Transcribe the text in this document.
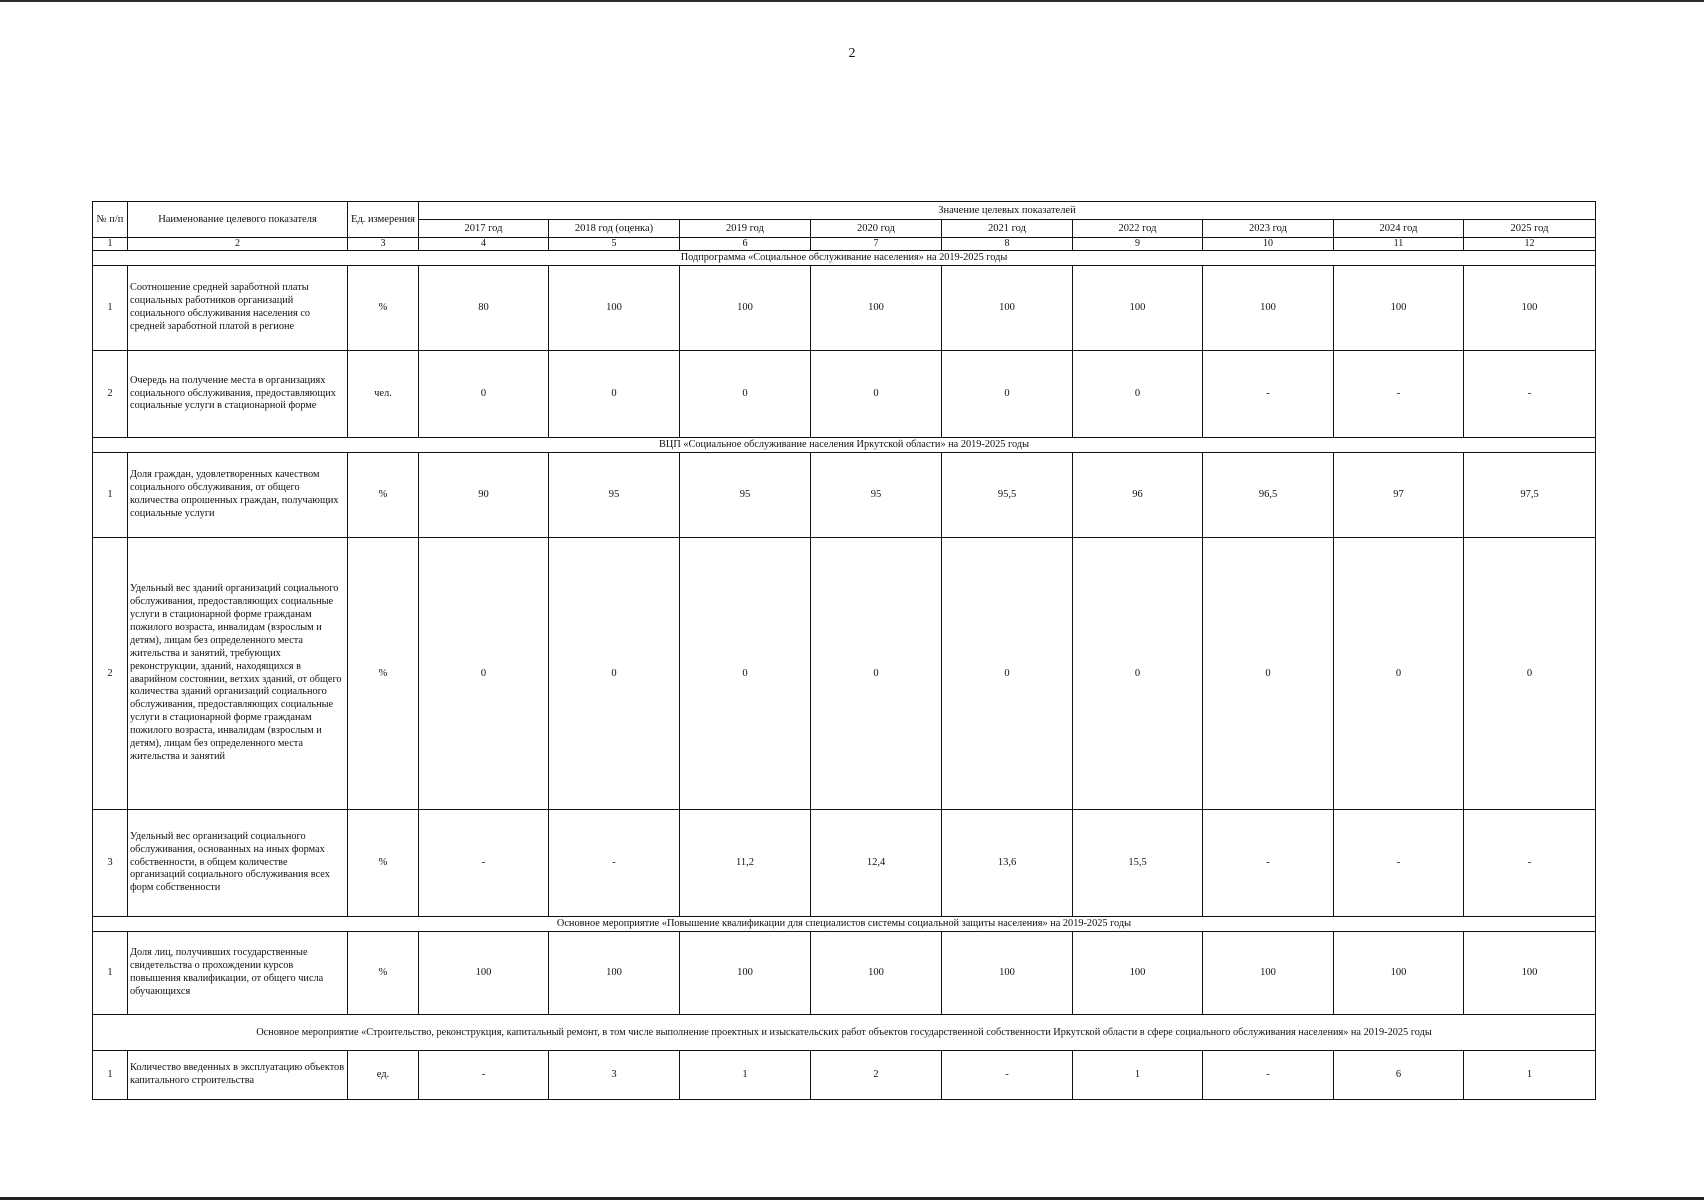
2
№ п/п	Наименование целевого показателя	Ед. измерения	Значение целевых показателей								
			2017 год	2018 год (оценка)	2019 год	2020 год	2021 год	2022 год	2023 год	2024 год	2025 год
1	2	3	4	5	6	7	8	9	10	11	12
Подпрограмма «Социальное обслуживание населения» на 2019-2025 годы											
1	Соотношение средней заработной платы социальных работников организаций социального обслуживания населения со средней заработной платой в регионе	%	80	100	100	100	100	100	100	100	100
2	Очередь на получение места в организациях социального обслуживания, предоставляющих социальные услуги в стационарной форме	чел.	0	0	0	0	0	0	-	-	-
ВЦП «Социальное обслуживание населения Иркутской области» на 2019-2025 годы											
1	Доля граждан, удовлетворенных качеством социального обслуживания, от общего количества опрошенных граждан, получающих социальные услуги	%	90	95	95	95	95,5	96	96,5	97	97,5
2	Удельный вес зданий организаций социального обслуживания, предоставляющих социальные услуги в стационарной форме гражданам пожилого возраста, инвалидам (взрослым и детям), лицам без определенного места жительства и занятий, требующих реконструкции, зданий, находящихся в аварийном состоянии, ветхих зданий, от общего количества зданий организаций социального обслуживания, предоставляющих социальные услуги в стационарной форме гражданам пожилого возраста, инвалидам (взрослым и детям), лицам без определенного места жительства и занятий	%	0	0	0	0	0	0	0	0	0
3	Удельный вес организаций социального обслуживания, основанных на иных формах собственности, в общем количестве организаций социального обслуживания всех форм собственности	%	-	-	11,2	12,4	13,6	15,5	-	-	-
Основное мероприятие «Повышение квалификации для специалистов системы социальной защиты населения» на 2019-2025 годы											
1	Доля лиц, получивших государственные свидетельства о прохождении курсов повышения квалификации, от общего числа обучающихся	%	100	100	100	100	100	100	100	100	100
Основное мероприятие «Строительство, реконструкция, капитальный ремонт, в том числе выполнение проектных и изыскательских работ объектов государственной собственности Иркутской области в сфере социального обслуживания населения» на 2019-2025 годы											
1	Количество введенных в эксплуатацию объектов капитального строительства	ед.	-	3	1	2	-	1	-	6	1
